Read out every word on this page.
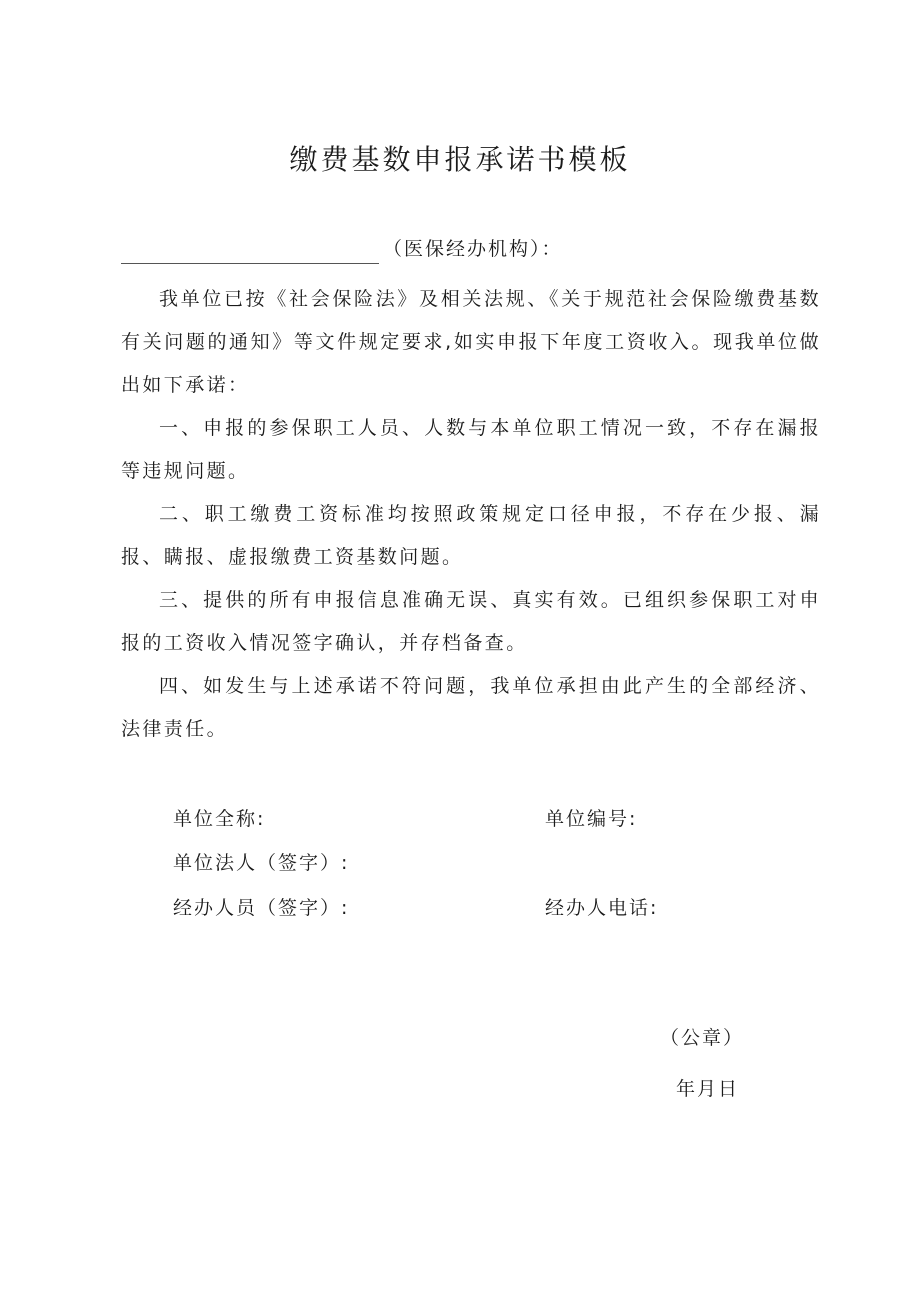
缴费基数申报承诺书模板
（医保经办机构）：

我单位已按《社会保险法》及相关法规、《关于规范社会保险缴费基数有关问题的通知》等文件规定要求,如实申报下年度工资收入。现我单位做出如下承诺：

一、申报的参保职工人员、人数与本单位职工情况一致，不存在漏报等违规问题。

二、职工缴费工资标准均按照政策规定口径申报，不存在少报、漏报、瞒报、虚报缴费工资基数问题。

三、提供的所有申报信息准确无误、真实有效。已组织参保职工对申报的工资收入情况签字确认，并存档备查。

四、如发生与上述承诺不符问题，我单位承担由此产生的全部经济、法律责任。

单位全称:	单位编号:
单位法人（签字）:
经办人员（签字）:	经办人电话:
（公章）
年月日
